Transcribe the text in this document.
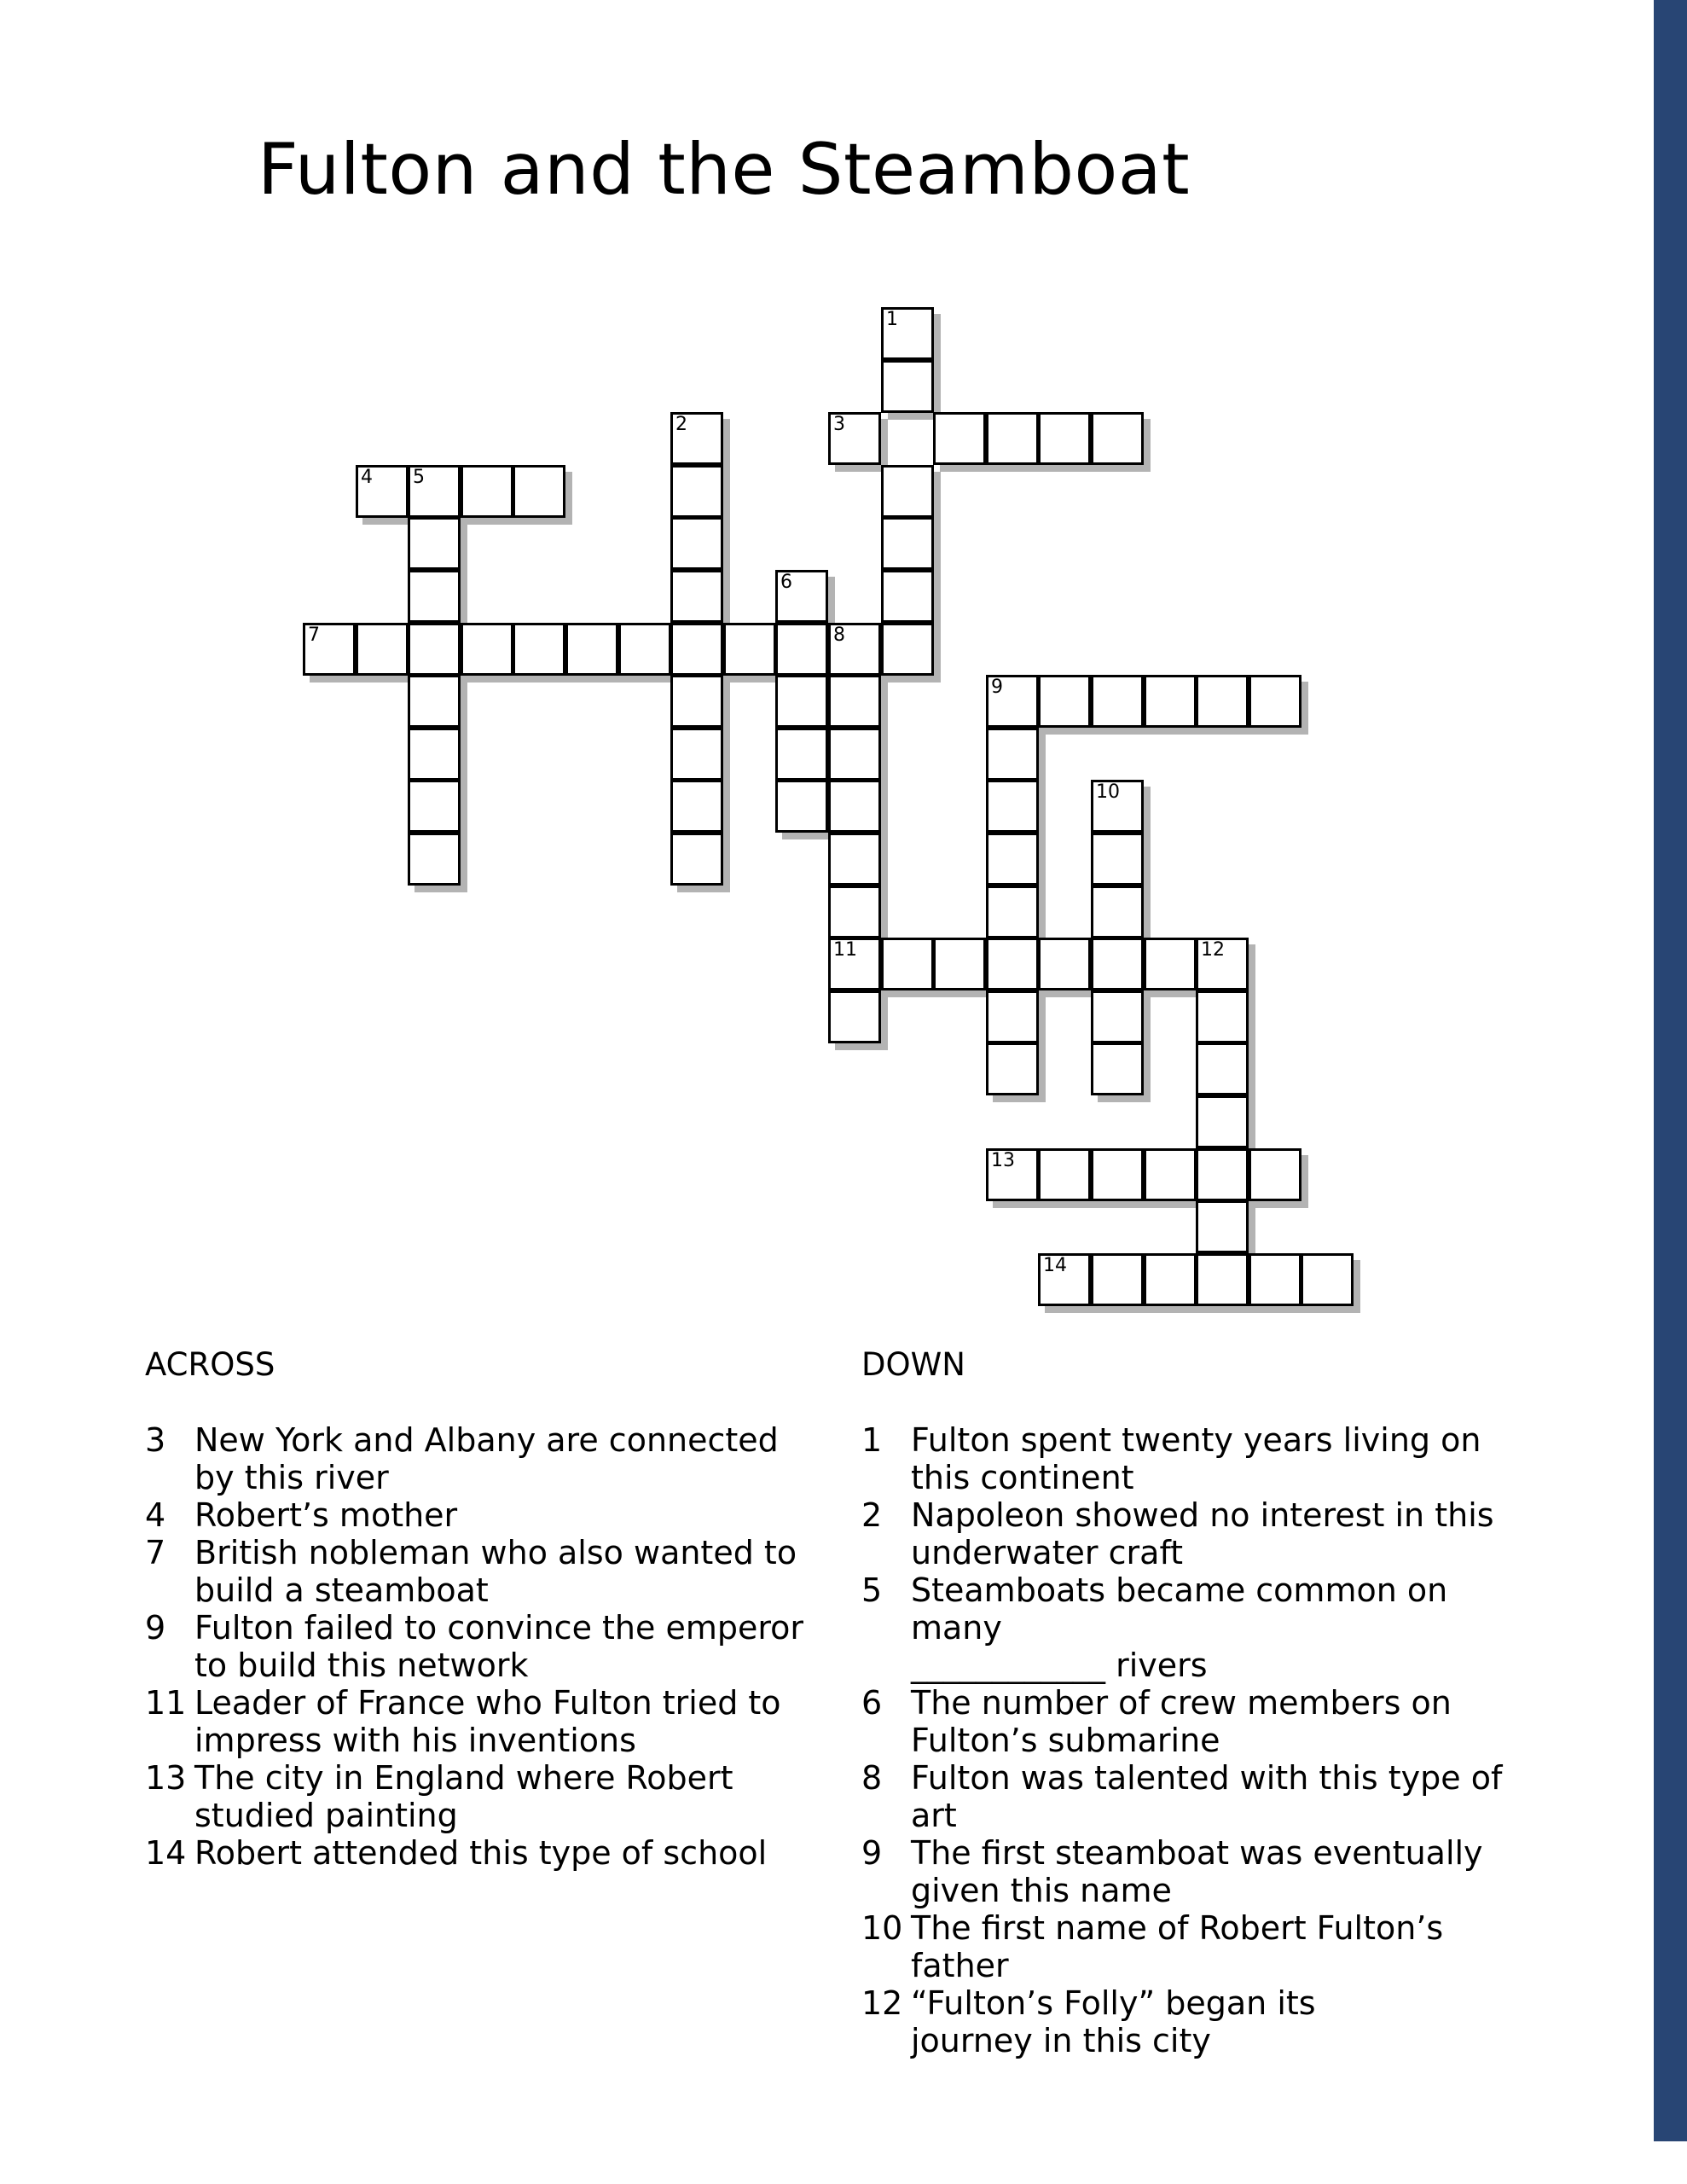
Fulton and the Steamboat
1
2	3
4 5
6
7	8
9
10
11	12
13
14
ACROSS
3 New York and Albany are connected
by this river
4 Robert’s mother
7 British nobleman who also wanted to
build a steamboat
9 Fulton failed to convince the emperor
to build this network
11 Leader of France who Fulton tried to
impress with his inventions
13 The city in England where Robert
studied painting
14 Robert attended this type of school
DOWN
1 Fulton spent twenty years living on
this continent
2 Napoleon showed no interest in this
underwater craft
5 Steamboats became common on many
____________ rivers
6 The number of crew members on
Fulton’s submarine
8 Fulton was talented with this type of art
9 The first steamboat was eventually
given this name
10 The first name of Robert Fulton’s
father
12 “Fulton’s Folly” began its
journey in this city
